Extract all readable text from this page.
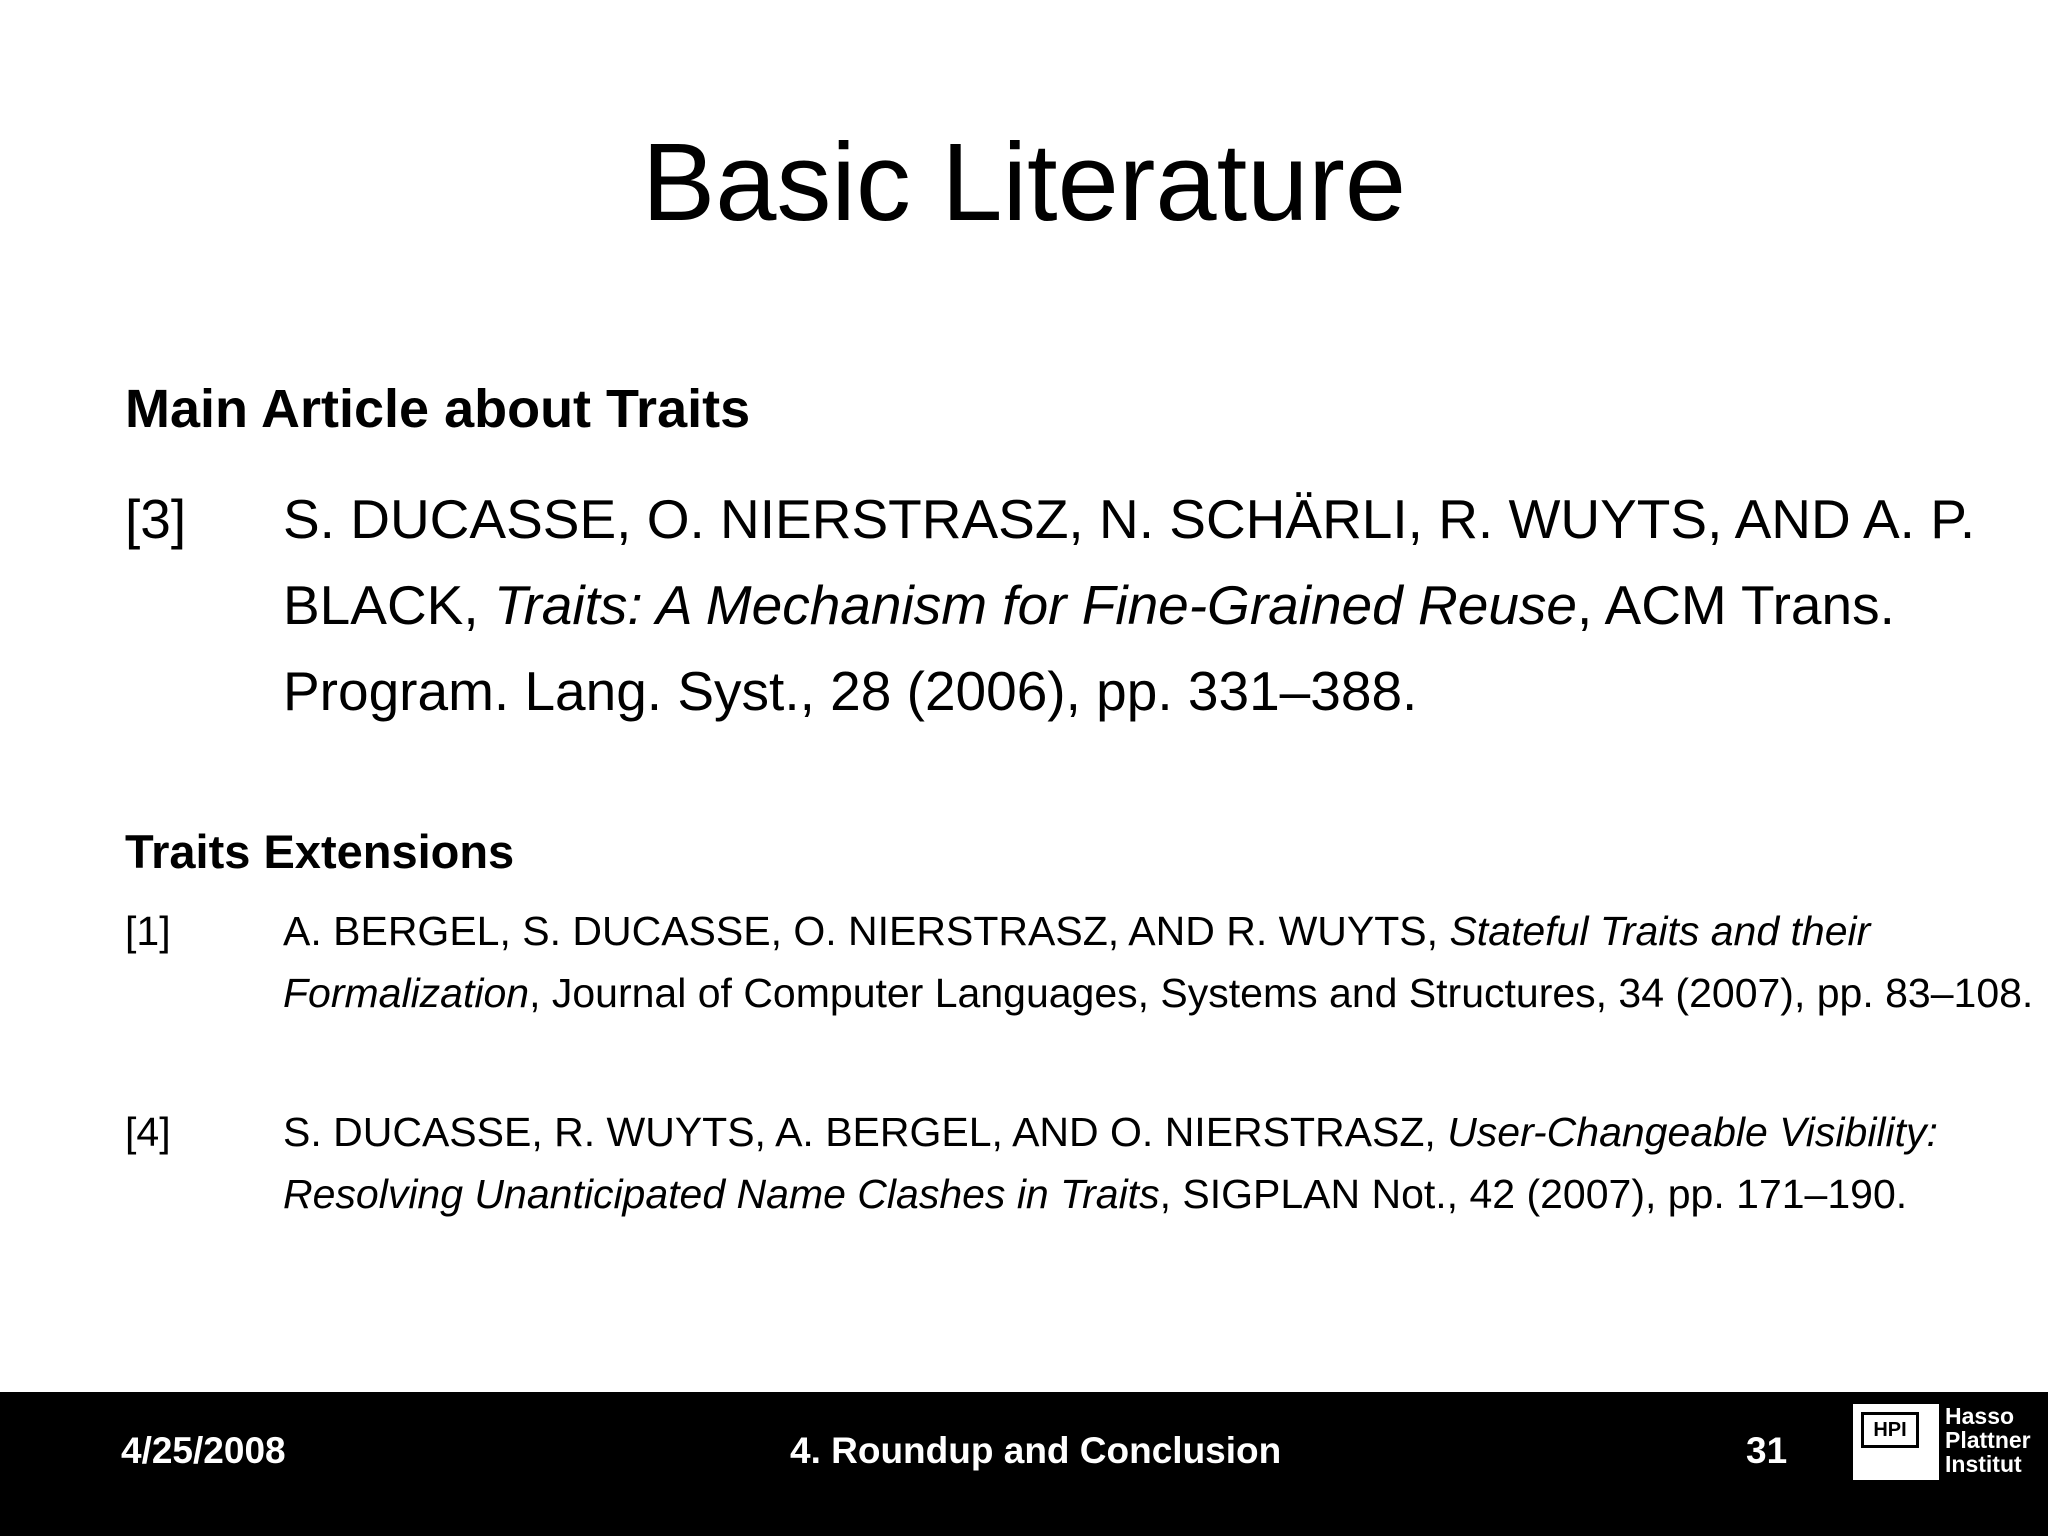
Basic Literature
Main Article about Traits
[3]	S. DUCASSE, O. NIERSTRASZ, N. SCHÄRLI, R. WUYTS, AND A. P. BLACK, Traits: A Mechanism for Fine-Grained Reuse, ACM Trans. Program. Lang. Syst., 28 (2006), pp. 331–388.
Traits Extensions
[1]	A. BERGEL, S. DUCASSE, O. NIERSTRASZ, AND R. WUYTS, Stateful Traits and their Formalization, Journal of Computer Languages, Systems and Structures, 34 (2007), pp. 83–108.
[4]	S. DUCASSE, R. WUYTS, A. BERGEL, AND O. NIERSTRASZ, User-Changeable Visibility: Resolving Unanticipated Name Clashes in Traits, SIGPLAN Not., 42 (2007), pp. 171–190.
4/25/2008	4. Roundup and Conclusion	31	HPI
Hasso
Plattner
Institut
